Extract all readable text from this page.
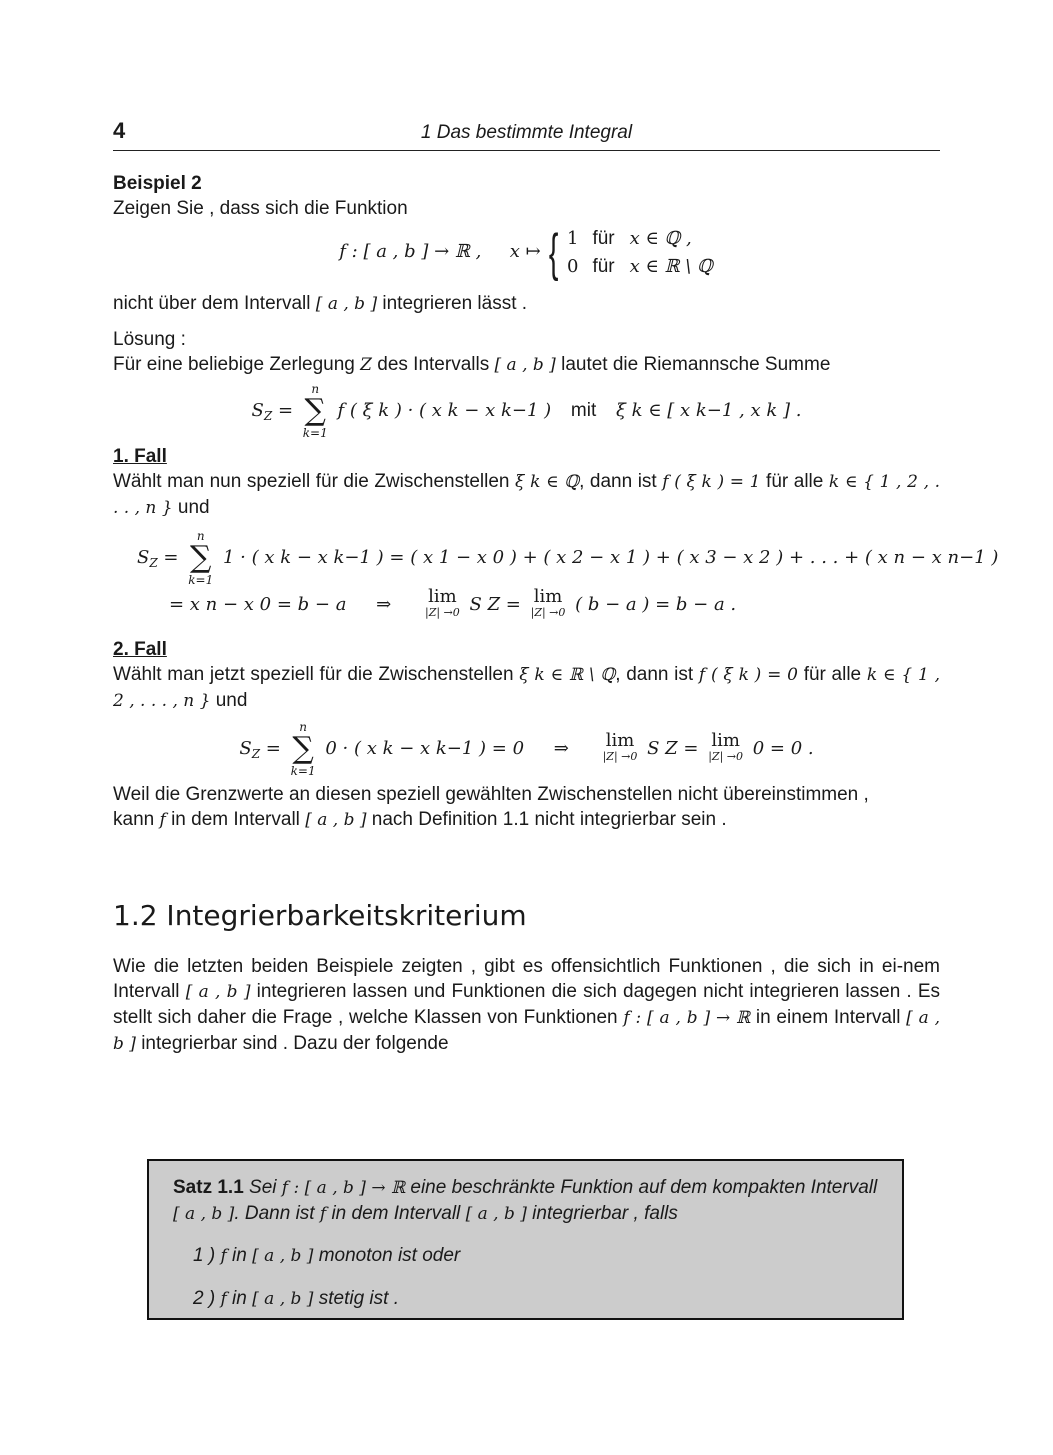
4	1 Das bestimmte Integral

Beispiel 2

Zeigen Sie , dass sich die Funktion

f : [ a , b ] → ℝ , x ↦ { 1	für	x ∈ ℚ ,
0	für	x ∈ ℝ \ ℚ

nicht über dem Intervall [ a , b ] integrieren lässt .

Lösung :

Für eine beliebige Zerlegung Z des Intervalls [ a , b ] lautet die Riemannsche Summe

$S_Z$ =
n
∑
k=1
f ( ξ k ) · ( x k − x k−1 ) mit ξ k ∈ [ x k−1 , x k ] .

1. Fall

Wählt man nun speziell für die Zwischenstellen ξ k ∈ ℚ, dann ist f ( ξ k ) = 1 für alle k ∈ { 1 , 2 , . . . , n } und

$S_Z$ =
n
∑
k=1
1 · ( x k − x k−1 ) = ( x 1 − x 0 ) + ( x 2 − x 1 ) + ( x 3 − x 2 ) + . . . + ( x n − x n−1 )
= x n − x 0 = b − a ⇒ lim
|Z| →0 S Z = lim
|Z| →0 ( b − a ) = b − a .

2. Fall

Wählt man jetzt speziell für die Zwischenstellen ξ k ∈ ℝ \ ℚ, dann ist f ( ξ k ) = 0 für alle k ∈ { 1 , 2 , . . . , n } und

$S_Z$ =
n
∑
k=1
0 · ( x k − x k−1 ) = 0 ⇒ lim
|Z| →0 S Z = lim
|Z| →0 0 = 0 .

Weil die Grenzwerte an diesen speziell gewählten Zwischenstellen nicht übereinstimmen ,

kann f in dem Intervall [ a , b ] nach Definition 1.1 nicht integrierbar sein .

1.2 Integrierbarkeitskriterium

Wie die letzten beiden Beispiele zeigten , gibt es offensichtlich Funktionen , die sich in ei-nem Intervall [ a , b ] integrieren lassen und Funktionen die sich dagegen nicht integrieren lassen . Es stellt sich daher die Frage , welche Klassen von Funktionen f : [ a , b ] → ℝ in einem Intervall [ a , b ] integrierbar sind . Dazu der folgende

Satz 1.1 Sei f : [ a , b ] → ℝ eine beschränkte Funktion auf dem kompakten Intervall [ a , b ]. Dann ist f in dem Intervall [ a , b ] integrierbar , falls

1 ) f in [ a , b ] monoton ist oder

2 ) f in [ a , b ] stetig ist .
